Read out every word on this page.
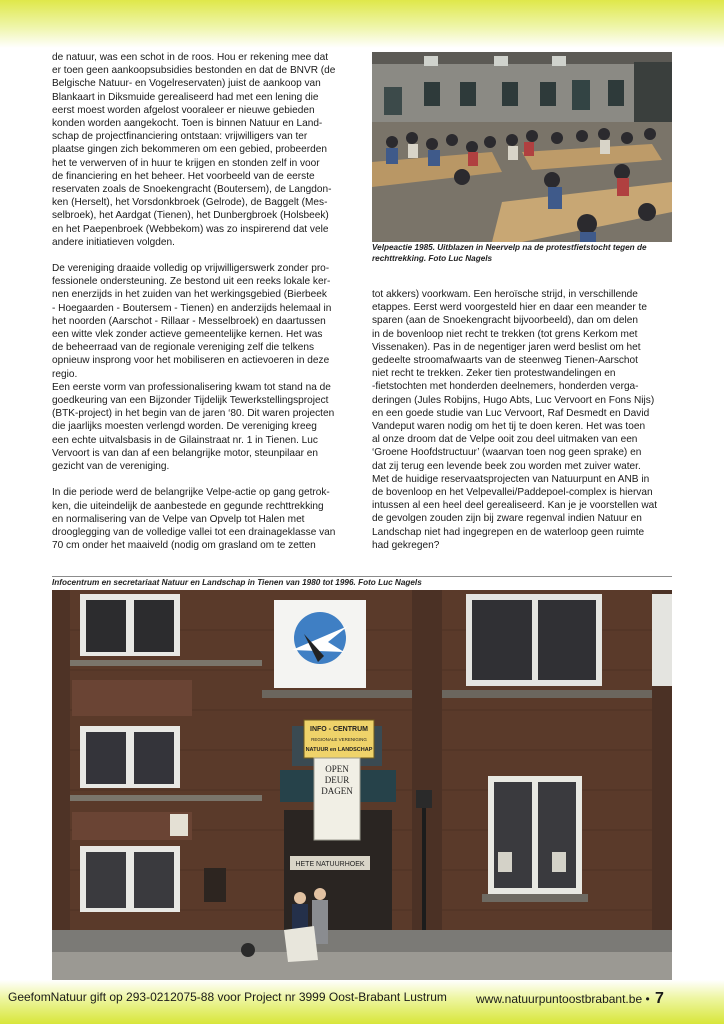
de natuur, was een schot in de roos. Hou er rekening mee dat
er toen geen aankoopsubsidies bestonden en dat de BNVR (de
Belgische Natuur- en Vogelreservaten) juist de aankoop van
Blankaart in Diksmuide gerealiseerd had met een lening die
eerst moest worden afgelost vooraleer er nieuwe gebieden
konden worden aangekocht. Toen is binnen Natuur en Land-
schap de projectfinanciering ontstaan: vrijwilligers van ter
plaatse gingen zich bekommeren om een gebied, probeerden
het te verwerven of in huur te krijgen en stonden zelf in voor
de financiering en het beheer. Het voorbeeld van de eerste
reservaten zoals de Snoekengracht (Boutersem), de Langdon-
ken (Herselt), het Vorsdonkbroek (Gelrode), de Baggelt (Mes-
selbroek), het Aardgat (Tienen), het Dunbergbroek (Holsbeek)
en het Paepenbroek (Webbekom) was zo inspirerend dat vele
andere initiatieven volgden.

De vereniging draaide volledig op vrijwilligerswerk zonder pro-
fessionele ondersteuning. Ze bestond uit een reeks lokale ker-
nen enerzijds in het zuiden van het werkingsgebied (Bierbeek
- Hoegaarden - Boutersem - Tienen) en anderzijds helemaal in
het noorden (Aarschot - Rillaar - Messelbroek) en daartussen
een witte vlek zonder actieve gemeentelijke kernen. Het was
de beheerraad van de regionale vereniging zelf die telkens
opnieuw insprong voor het mobiliseren en actievoeren in deze
regio.

Een eerste vorm van professionalisering kwam tot stand na de
goedkeuring van een Bijzonder Tijdelijk Tewerkstellingsproject
(BTK-project) in het begin van de jaren ‘80. Dit waren projecten
die jaarlijks moesten verlengd worden. De vereniging kreeg
een echte uitvalsbasis in de Gilainstraat nr. 1 in Tienen. Luc
Vervoort is van dan af een belangrijke motor, steunpilaar en
gezicht van de vereniging.

In die periode werd de belangrijke Velpe-actie op gang getrok-
ken, die uiteindelijk de aanbestede en gegunde rechttrekking
en normalisering van de Velpe van Opvelp tot Halen met
drooglegging van de volledige vallei tot een drainageklasse van
70 cm onder het maaiveld (nodig om grasland om te zetten

Velpeactie 1985. Uitblazen in Neervelp na de protestfietstocht tegen de rechttrekking. Foto Luc Nagels

tot akkers) voorkwam. Een heroïsche strijd, in verschillende
etappes. Eerst werd voorgesteld hier en daar een meander te
sparen (aan de Snoekengracht bijvoorbeeld), dan om delen
in de bovenloop niet recht te trekken (tot grens Kerkom met
Vissenaken). Pas in de negentiger jaren werd beslist om het
gedeelte stroomafwaarts van de steenweg Tienen-Aarschot
niet recht te trekken. Zeker tien protestwandelingen en
-fietstochten met honderden deelnemers, honderden verga-
deringen (Jules Robijns, Hugo Abts, Luc Vervoort en Fons Nijs)
en een goede studie van Luc Vervoort, Raf Desmedt en David
Vandeput waren nodig om het tij te doen keren. Het was toen
al onze droom dat de Velpe ooit zou deel uitmaken van een
‘Groene Hoofdstructuur’ (waarvan toen nog geen sprake) en
dat zij terug een levende beek zou worden met zuiver water.
Met de huidige reservaatsprojecten van Natuurpunt en ANB in
de bovenloop en het Velpevallei/Paddepoel-complex is hiervan
intussen al een heel deel gerealiseerd. Kan je je voorstellen wat
de gevolgen zouden zijn bij zware regenval indien Natuur en
Landschap niet had ingegrepen en de waterloop geen ruimte
had gekregen?

Infocentrum en secretariaat Natuur en Landschap in Tienen van 1980 tot 1996. Foto Luc Nagels
HETE NATUURHOEK
INFO - CENTRUM
REGIONALE VERENIGING
NATUUR en LANDSCHAP
OPEN
DEUR
DAGEN
GeefomNatuur gift op 293-0212075-88 voor Project nr 3999 Oost-Brabant Lustrum www.natuurpuntoostbrabant.be • 7
